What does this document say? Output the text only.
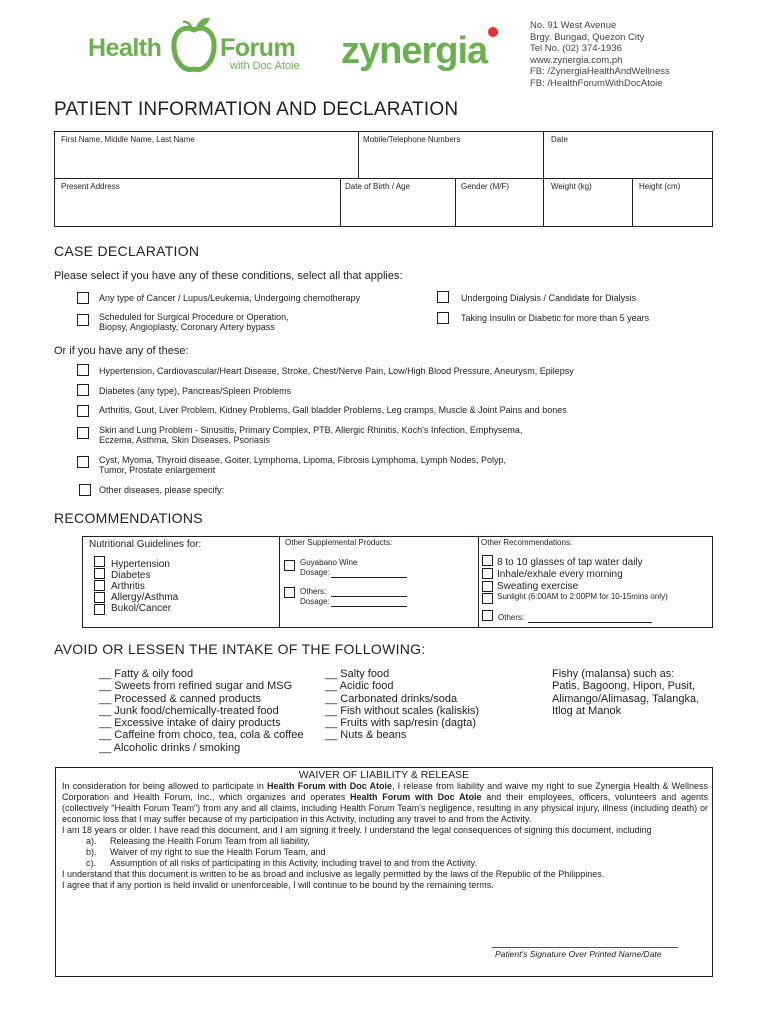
Health Forum
with Doc Atoie zynergia
No. 91 West Avenue
Brgy. Bungad, Quezon City
Tel No. (02) 374-1936
www.zynergia.com.ph
FB: /ZynergiaHealthAndWellness
FB: /HealthForumWithDocAtoie
PATIENT INFORMATION AND DECLARATION
First Name, Middle Name, Last Name	Mobile/Telephone Numbers	Date
Present Address	Date of Birth / Age	Gender (M/F)	Weight (kg)	Height (cm)
CASE DECLARATION
Please select if you have any of these conditions, select all that applies:
Any type of Cancer / Lupus/Leukemia, Undergoing chemotherapy
Scheduled for Surgical Procedure or Operation,
Biopsy, Angioplasty, Coronary Artery bypass
Undergoing Dialysis / Candidate for Dialysis
Taking Insulin or Diabetic for more than 5 years
Or if you have any of these:
Hypertension, Cardiovascular/Heart Disease, Stroke, Chest/Nerve Pain, Low/High Blood Pressure, Aneurysm, Epilepsy
Diabetes (any type), Pancreas/Spleen Problems
Arthritis, Gout, Liver Problem, Kidney Problems, Gall bladder Problems, Leg cramps, Muscle & Joint Pains and bones
Skin and Lung Problem - Sinusitis, Primary Complex, PTB, Allergic Rhinitis, Koch's Infection, Emphysema,
Eczema, Asthma, Skin Diseases, Psoriasis
Cyst, Myoma, Thyroid disease, Goiter, Lymphoma, Lipoma, Fibrosis Lymphoma, Lymph Nodes, Polyp,
Tumor, Prostate enlargement
Other diseases, please specify:
RECOMMENDATIONS
Nutritional Guidelines for:
Hypertension
Diabetes
Arthritis
Allergy/Asthma
Bukol/Cancer
Other Supplemental Products:
Guyabano Wine
Dosage:
Others:
Dosage:
Other Recommendations:
8 to 10 glasses of tap water daily
Inhale/exhale every morning
Sweating exercise
Sunlight (6:00AM to 2:00PM for 10-15mins only)
Others:
AVOID OR LESSEN THE INTAKE OF THE FOLLOWING:
__ Fatty & oily food
__ Sweets from refined sugar and MSG
__ Processed & canned products
__ Junk food/chemically-treated food
__ Excessive intake of dairy products
__ Caffeine from choco, tea, cola & coffee
__ Alcoholic drinks / smoking
__ Salty food
__ Acidic food
__ Carbonated drinks/soda
__ Fish without scales (kaliskis)
__ Fruits with sap/resin (dagta)
__ Nuts & beans
Fishy (malansa) such as:
Patis, Bagoong, Hipon, Pusit,
Alimango/Alimasag, Talangka,
Itlog at Manok
WAIVER OF LIABILITY & RELEASE
In consideration for being allowed to participate in Health Forum with Doc Atoie, I release from liability and waive my right to sue Zynergia Health & Wellness Corporation and Health Forum, Inc., which organizes and operates Health Forum with Doc Atoie and their employees, officers, volunteers and agents (collectively "Health Forum Team") from any and all claims, including Health Forum Team's negligence, resulting in any physical injury, illness (including death) or economic loss that I may suffer because of my participation in this Activity, including any travel to and from the Activity.
I am 18 years or older. I have read this document, and I am signing it freely. I understand the legal consequences of signing this document, including
a). Releasing the Health Forum Team from all liability,
b). Waiver of my right to sue the Health Forum Team, and
c). Assumption of all risks of participating in this Activity, including travel to and from the Activity.
I understand that this document is written to be as broad and inclusive as legally permitted by the laws of the Republic of the Philippines.
I agree that if any portion is held invalid or unenforceable, I will continue to be bound by the remaining terms.
Patient's Signature Over Printed Name/Date
